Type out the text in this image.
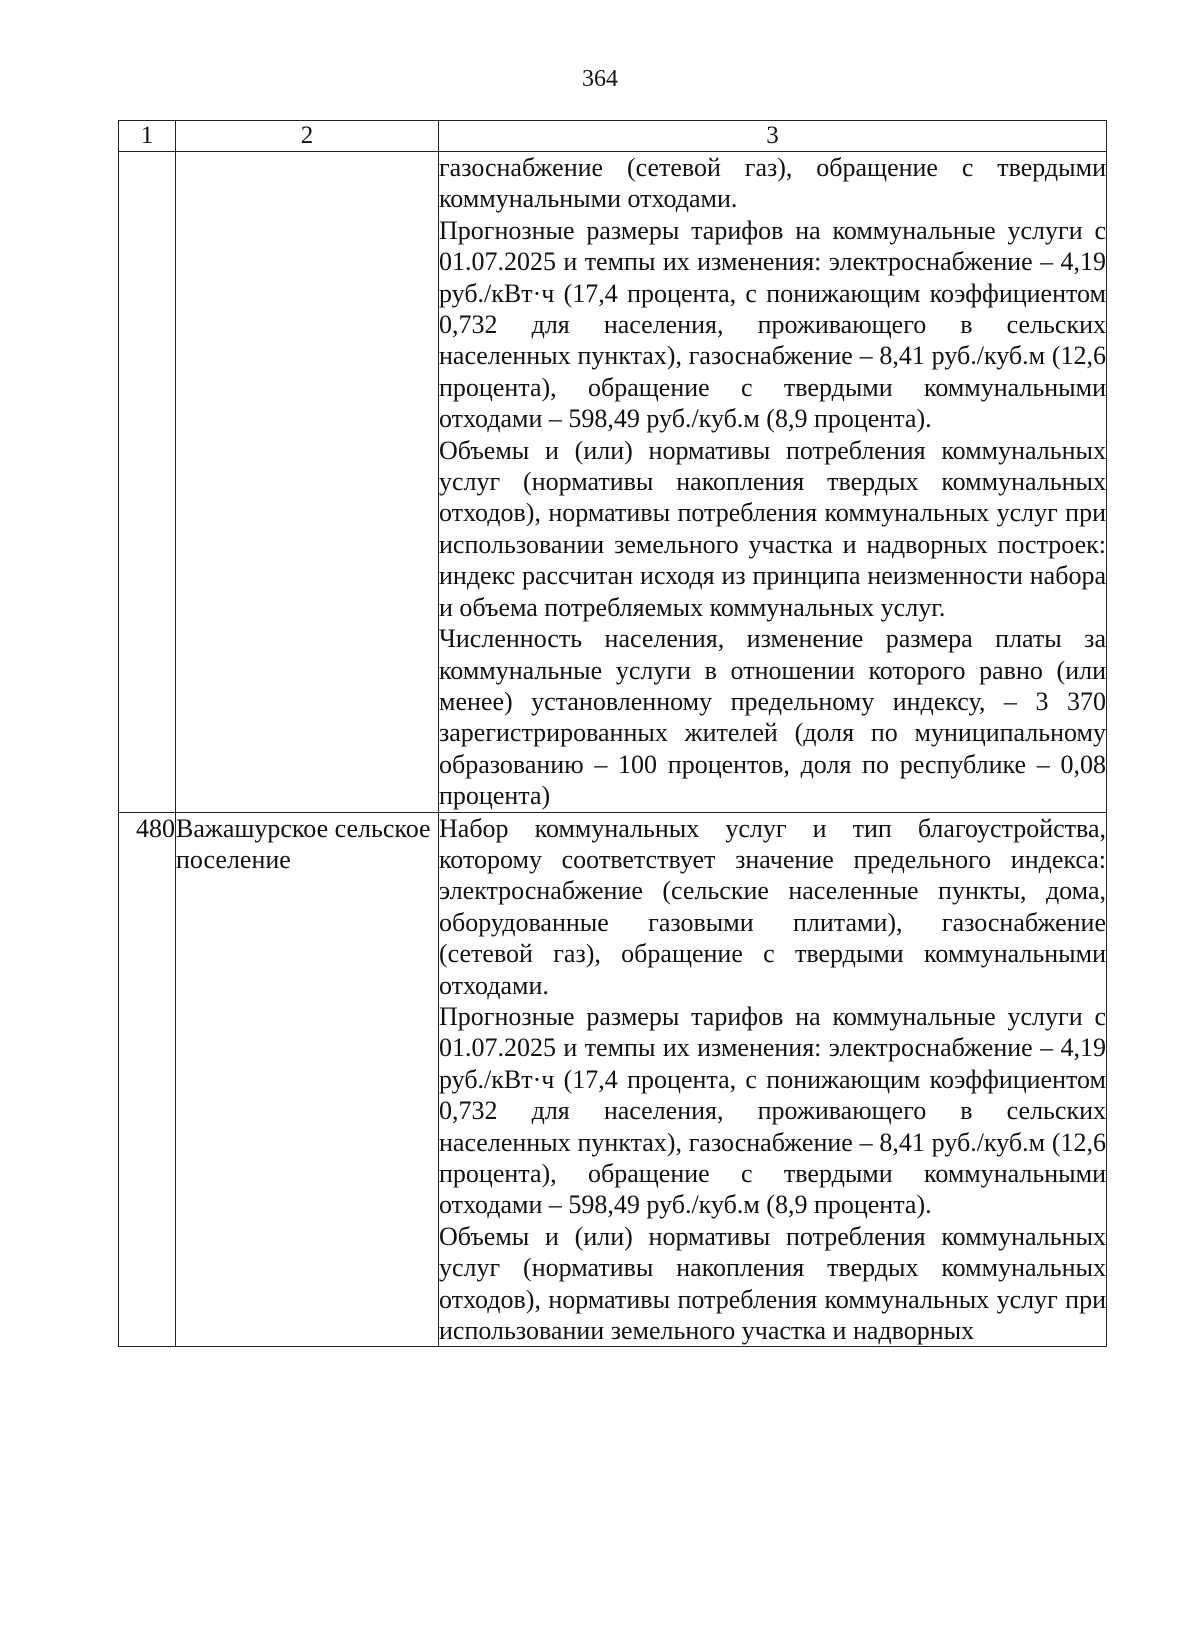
364
1	2	3

		газоснабжение (сетевой газ), обращение с твердыми коммунальными отходами.

Прогнозные размеры тарифов на коммунальные услуги с 01.07.2025 и темпы их изменения: электроснабжение – 4,19 руб./кВт·ч (17,4 процента, с понижающим коэффициентом 0,732 для населения, проживающего в сельских населенных пунктах), газоснабжение – 8,41 руб./куб.м (12,6 процента), обращение с твердыми коммунальными отходами – 598,49 руб./куб.м (8,9 процента).

Объемы и (или) нормативы потребления коммунальных услуг (нормативы накопления твердых коммунальных отходов), нормативы потребления коммунальных услуг при использовании земельного участка и надворных построек: индекс рассчитан исходя из принципа неизменности набора и объема потребляемых коммунальных услуг.

Численность населения, изменение размера платы за коммунальные услуги в отношении которого равно (или менее) установленному предельному индексу, – 3 370 зарегистрированных жителей (доля по муниципальному образованию – 100 процентов, доля по республике – 0,08 процента)

480	Важашурское сельское поселение	Набор коммунальных услуг и тип благоустройства, которому соответствует значение предельного индекса: электроснабжение (сельские населенные пункты, дома, оборудованные газовыми плитами), газоснабжение (сетевой газ), обращение с твердыми коммунальными отходами.

Прогнозные размеры тарифов на коммунальные услуги с 01.07.2025 и темпы их изменения: электроснабжение – 4,19 руб./кВт·ч (17,4 процента, с понижающим коэффициентом 0,732 для населения, проживающего в сельских населенных пунктах), газоснабжение – 8,41 руб./куб.м (12,6 процента), обращение с твердыми коммунальными отходами – 598,49 руб./куб.м (8,9 процента).

Объемы и (или) нормативы потребления коммунальных услуг (нормативы накопления твердых коммунальных отходов), нормативы потребления коммунальных услуг при использовании земельного участка и надворных
